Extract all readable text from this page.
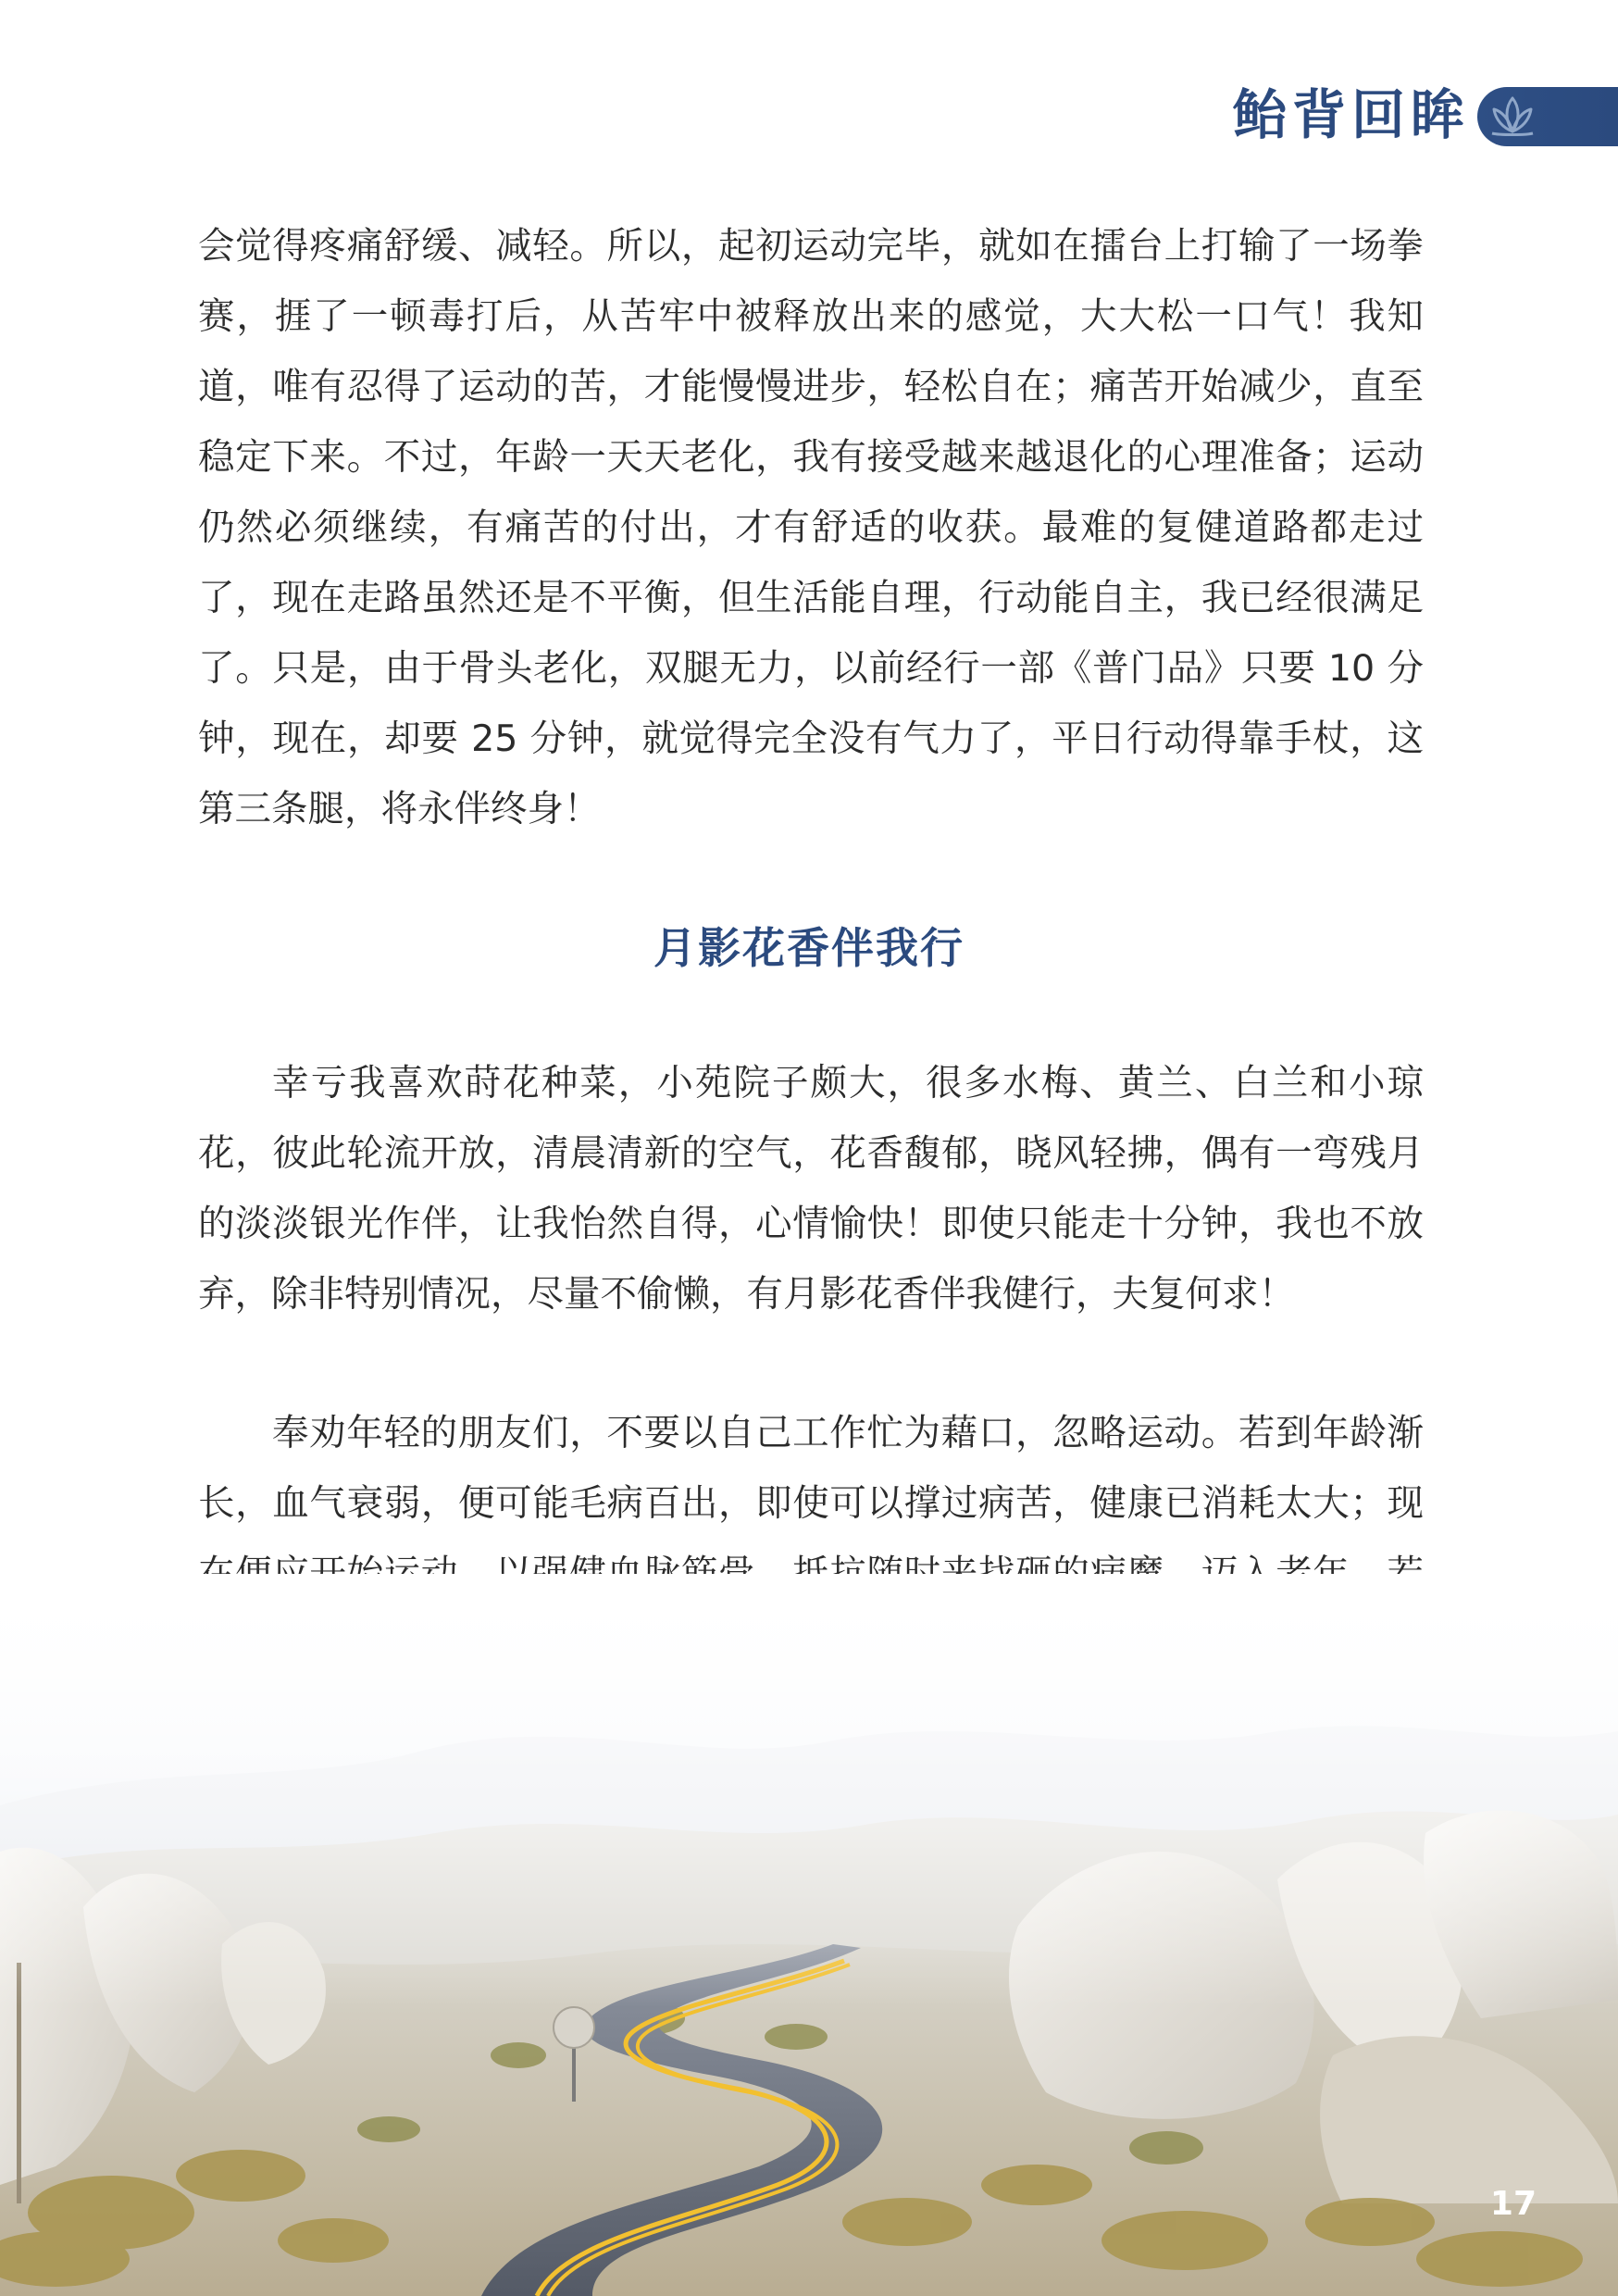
鲐背回眸
会觉得疼痛舒缓、减轻。所以，起初运动完毕，就如在擂台上打输了一场拳赛，捱了一顿毒打后，从苦牢中被释放出来的感觉，大大松一口气！我知道，唯有忍得了运动的苦，才能慢慢进步，轻松自在；痛苦开始减少，直至稳定下来。不过，年龄一天天老化，我有接受越来越退化的心理准备；运动仍然必须继续，有痛苦的付出，才有舒适的收获。最难的复健道路都走过了，现在走路虽然还是不平衡，但生活能自理，行动能自主，我已经很满足了。只是，由于骨头老化，双腿无力，以前经行一部《普门品》只要 10 分钟，现在，却要 25 分钟，就觉得完全没有气力了，平日行动得靠手杖，这第三条腿，将永伴终身！
月影花香伴我行
幸亏我喜欢莳花种菜，小苑院子颇大，很多水梅、黄兰、白兰和小琼花，彼此轮流开放，清晨清新的空气，花香馥郁，晓风轻拂，偶有一弯残月的淡淡银光作伴，让我怡然自得，心情愉快！即使只能走十分钟，我也不放弃，除非特别情况，尽量不偷懒，有月影花香伴我健行，夫复何求！
奉劝年轻的朋友们，不要以自己工作忙为藉口，忽略运动。若到年龄渐长，血气衰弱，便可能毛病百出，即使可以撑过病苦，健康已消耗太大；现
17
